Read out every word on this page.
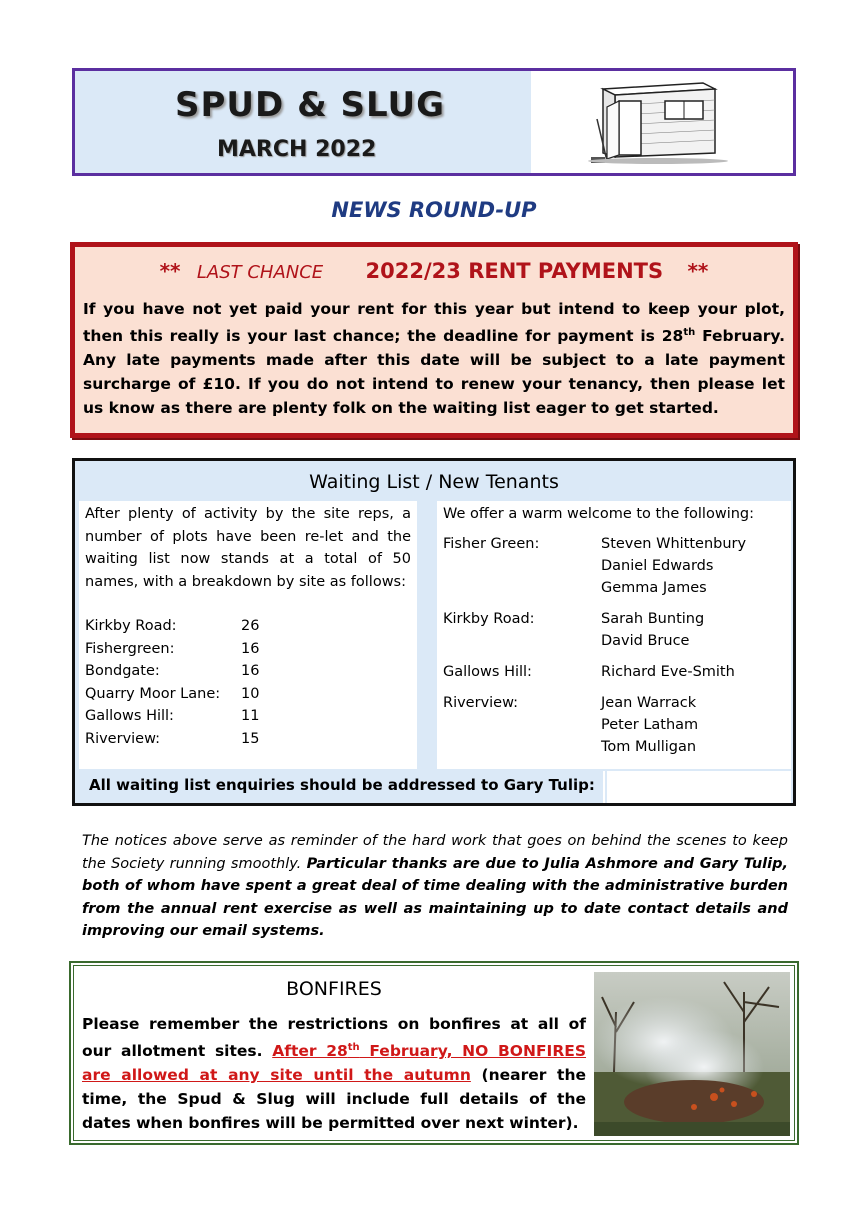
SPUD & SLUG
MARCH 2022
NEWS ROUND-UP
** LAST CHANCE 2022/23 RENT PAYMENTS **
If you have not yet paid your rent for this year but intend to keep your plot, then this really is your last chance; the deadline for payment is 28th February. Any late payments made after this date will be subject to a late payment surcharge of £10. If you do not intend to renew your tenancy, then please let us know as there are plenty folk on the waiting list eager to get started.
Waiting List / New Tenants
After plenty of activity by the site reps, a number of plots have been re-let and the waiting list now stands at a total of 50 names, with a breakdown by site as follows:
Kirkby Road:	26
Fishergreen:	16
Bondgate:	16
Quarry Moor Lane:	10
Gallows Hill:	11
Riverview:	15
We offer a warm welcome to the following:
Fisher Green:	Steven Whittenbury
Daniel Edwards
Gemma James
Kirkby Road:	Sarah Bunting
David Bruce
Gallows Hill:	Richard Eve-Smith
Riverview:	Jean Warrack
Peter Latham
Tom Mulligan
All waiting list enquiries should be addressed to Gary Tulip:
The notices above serve as reminder of the hard work that goes on behind the scenes to keep the Society running smoothly. Particular thanks are due to Julia Ashmore and Gary Tulip, both of whom have spent a great deal of time dealing with the administrative burden from the annual rent exercise as well as maintaining up to date contact details and improving our email systems.
BONFIRES
Please remember the restrictions on bonfires at all of our allotment sites. After 28th February, NO BONFIRES are allowed at any site until the autumn (nearer the time, the Spud & Slug will include full details of the dates when bonfires will be permitted over next winter).
